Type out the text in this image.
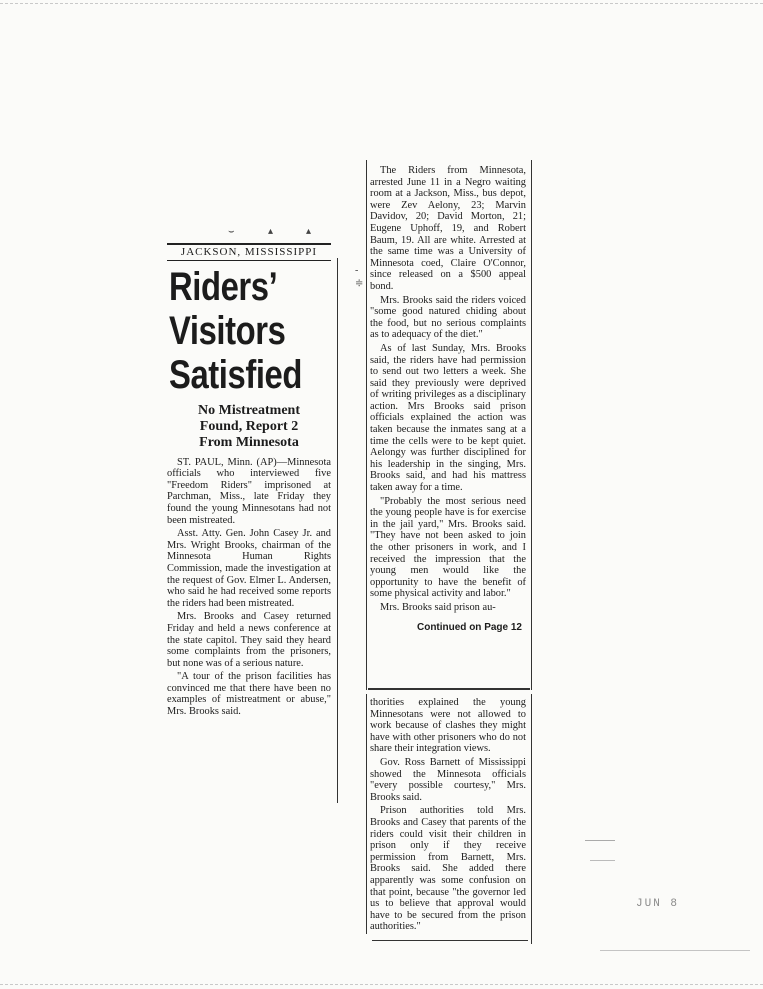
⌣	▴	▴
JACKSON, MISSISSIPPI
Riders’
Visitors
Satisfied
No Mistreatment
Found, Report 2
From Minnesota

ST. PAUL, Minn. (AP)—Minnesota officials who interviewed five "Freedom Riders" imprisoned at Parchman, Miss., late Friday they found the young Minnesotans had not been mistreated.

Asst. Atty. Gen. John Casey Jr. and Mrs. Wright Brooks, chairman of the Minnesota Human Rights Commission, made the investigation at the request of Gov. Elmer L. Andersen, who said he had received some reports the riders had been mistreated.

Mrs. Brooks and Casey returned Friday and held a news conference at the state capitol. They said they heard some complaints from the prisoners, but none was of a serious nature.

"A tour of the prison facilities has convinced me that there have been no examples of mistreatment or abuse," Mrs. Brooks said.

-
≑

The Riders from Minnesota, arrested June 11 in a Negro waiting room at a Jackson, Miss., bus depot, were Zev Aelony, 23; Marvin Davidov, 20; David Morton, 21; Eugene Uphoff, 19, and Robert Baum, 19. All are white. Arrested at the same time was a University of Minnesota coed, Claire O'Connor, since released on a $500 appeal bond.

Mrs. Brooks said the riders voiced "some good natured chiding about the food, but no serious complaints as to adequacy of the diet."

As of last Sunday, Mrs. Brooks said, the riders have had permission to send out two letters a week. She said they previously were deprived of writing privileges as a disciplinary action. Mrs Brooks said prison officials explained the action was taken because the inmates sang at a time the cells were to be kept quiet. Aelongy was further disciplined for his leadership in the singing, Mrs. Brooks said, and had his mattress taken away for a time.

"Probably the most serious need the young people have is for exercise in the jail yard," Mrs. Brooks said. "They have not been asked to join the other prisoners in work, and I received the impression that the young men would like the opportunity to have the benefit of some physical activity and labor."

Mrs. Brooks said prison au-

Continued on Page 12

thorities explained the young Minnesotans were not allowed to work because of clashes they might have with other prisoners who do not share their integration views.

Gov. Ross Barnett of Mississippi showed the Minnesota officials "every possible courtesy," Mrs. Brooks said.

Prison authorities told Mrs. Brooks and Casey that parents of the riders could visit their children in prison only if they receive permission from Barnett, Mrs. Brooks said. She added there apparently was some confusion on that point, because "the governor led us to believe that approval would have to be secured from the prison authorities."

JUN 8
